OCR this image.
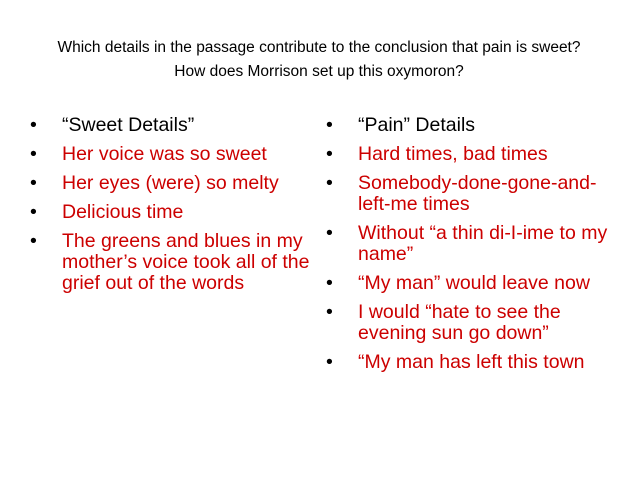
Which details in the passage contribute to the conclusion that pain is sweet? How does Morrison set up this oxymoron?
• “Sweet Details”
• Her voice was so sweet
• Her eyes (were) so melty
• Delicious time
• The greens and blues in my mother’s voice took all of the grief out of the words
• “Pain” Details
• Hard times, bad times
• Somebody-done-gone-and-left-me times
• Without “a thin di-I-ime to my name”
• “My man” would leave now
• I would “hate to see the evening sun go down”
• “My man has left this town
